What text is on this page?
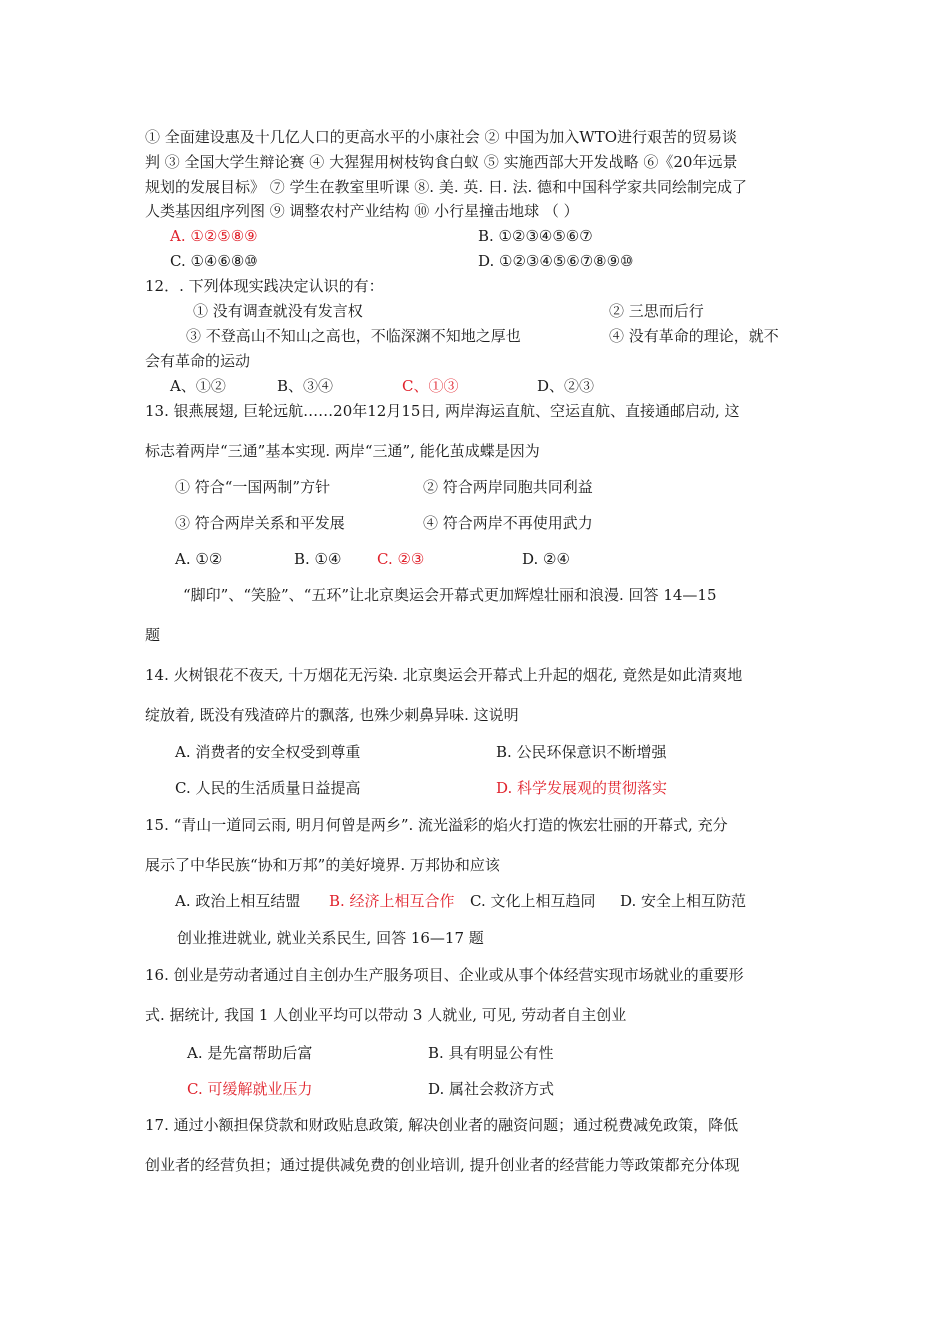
① 全面建设惠及十几亿人口的更高水平的小康社会 ② 中国为加入WTO进行艰苦的贸易谈
判 ③ 全国大学生辩论赛 ④ 大猩猩用树枝钩食白蚁 ⑤ 实施西部大开发战略 ⑥《20年远景
规划的发展目标》 ⑦ 学生在教室里听课 ⑧. 美. 英. 日. 法. 德和中国科学家共同绘制完成了
人类基因组序列图 ⑨ 调整农村产业结构 ⑩ 小行星撞击地球 （ ）
A. ①②⑤⑧⑨	B. ①②③④⑤⑥⑦
C. ①④⑥⑧⑩	D. ①②③④⑤⑥⑦⑧⑨⑩
12．. 下列体现实践决定认识的有：
① 没有调查就没有发言权	② 三思而后行
③ 不登高山不知山之高也，不临深渊不知地之厚也	④ 没有革命的理论，就不
会有革命的运动
A、①②	B、③④	C、①③	D、②③
13. 银燕展翅, 巨轮远航……20年12月15日, 两岸海运直航、空运直航、直接通邮启动, 这
标志着两岸“三通”基本实现. 两岸“三通”, 能化茧成蝶是因为
① 符合“一国两制”方针	② 符合两岸同胞共同利益
③ 符合两岸关系和平发展	④ 符合两岸不再使用武力
A. ①②	B. ①④ C. ②③	D. ②④
“脚印”、“笑脸”、“五环”让北京奥运会开幕式更加辉煌壮丽和浪漫. 回答 14—15
题
14. 火树银花不夜天, 十万烟花无污染. 北京奥运会开幕式上升起的烟花, 竟然是如此清爽地
绽放着, 既没有残渣碎片的飘落, 也殊少刺鼻异味. 这说明
A. 消费者的安全权受到尊重	B. 公民环保意识不断增强
C. 人民的生活质量日益提高	D. 科学发展观的贯彻落实
15. “青山一道同云雨, 明月何曾是两乡”. 流光溢彩的焰火打造的恢宏壮丽的开幕式, 充分
展示了中华民族“协和万邦”的美好境界. 万邦协和应该
A. 政治上相互结盟 B. 经济上相互合作 C. 文化上相互趋同 D. 安全上相互防范
创业推进就业, 就业关系民生, 回答 16—17 题
16. 创业是劳动者通过自主创办生产服务项目、企业或从事个体经营实现市场就业的重要形
式. 据统计, 我国 1 人创业平均可以带动 3 人就业, 可见, 劳动者自主创业
A. 是先富帮助后富	B. 具有明显公有性
C. 可缓解就业压力	D. 属社会救济方式
17. 通过小额担保贷款和财政贴息政策, 解决创业者的融资问题；通过税费减免政策，降低
创业者的经营负担；通过提供减免费的创业培训, 提升创业者的经营能力等政策都充分体现
